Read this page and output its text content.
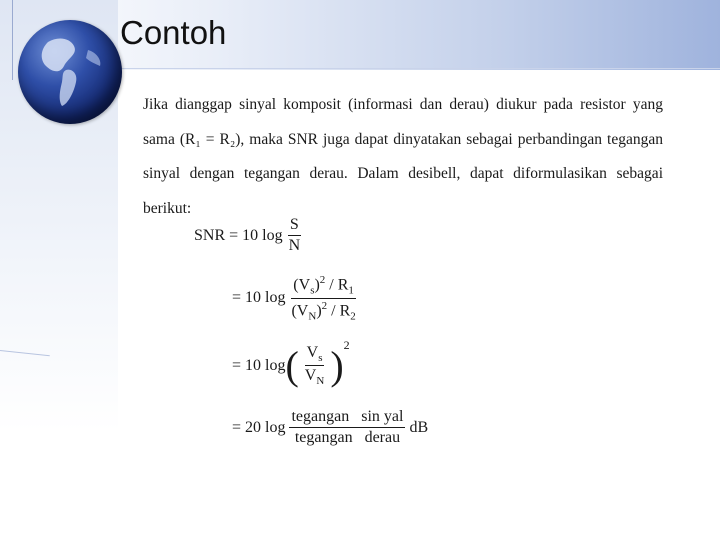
Contoh

Jika dianggap sinyal komposit (informasi dan derau) diukur pada resistor yang sama (R₁ = R₂), maka SNR juga dapat dinyatakan sebagai perbandingan tegangan sinyal dengan tegangan derau. Dalam desibell, dapat diformulasikan sebagai berikut:

SNR = 10 $\log \frac{S}{N}$
= 10 $\log \frac{(V_s)^2 / R_1}{(V_N)^2 / R_2}$
= 10 log ( $\frac{V_s}{V_N}$ ) 2
= 20 $\log \frac{\text{tegangan   sin yal}}{\text{tegangan   derau}}$ dB
